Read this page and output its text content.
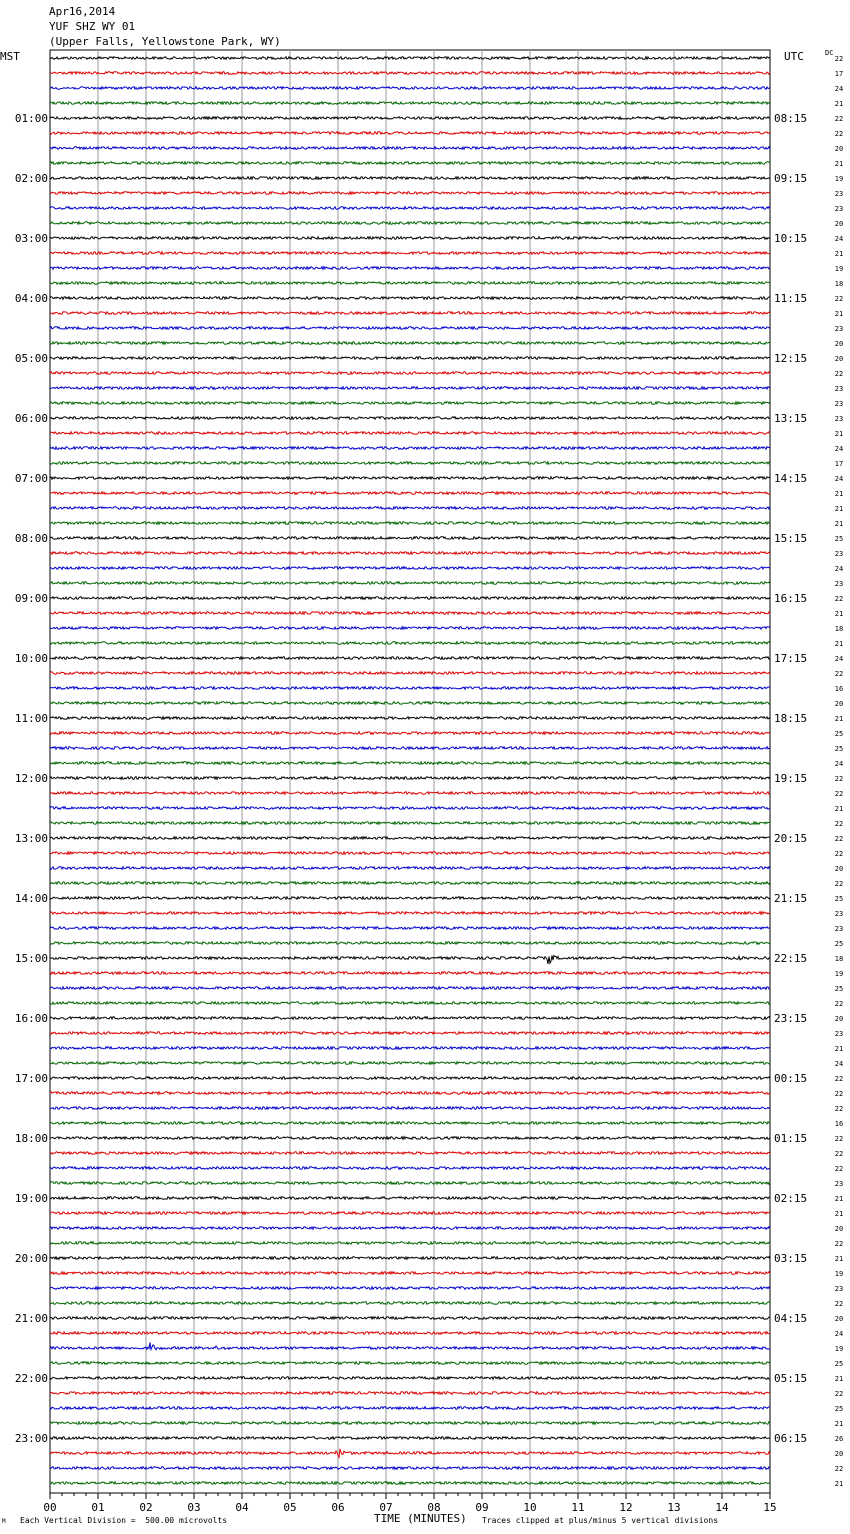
Apr16,2014
YUF SHZ WY 01
(Upper Falls, Yellowstone Park, WY)
MST	UTC	DC
00	01	02	03	04	05	06	07	08	09	10	11	12	13	14	15
22
17
24
21
22
22
20
21
19
23
23
20
24
21
19
18
22
21
23
20
20
22
23
23
23
21
24
17
24
21
21
21
25
23
24
23
22
21
18
21
24
22
16
20
21
25
25
24
22
22
21
22
22
22
20
22
25
23
23
25
18
19
25
22
20
23
21
24
22
22
22
16
22
22
22
23
21
21
20
22
21
19
23
22
20
24
19
25
21
22
25
21
26
20
22
21
01:00
02:00
03:00
04:00
05:00
06:00
07:00
08:00
09:00
10:00
11:00
12:00
13:00
14:00
15:00
16:00
17:00
18:00
19:00
20:00
21:00
22:00
23:00
08:15
09:15
10:15
11:15
12:15
13:15
14:15
15:15
16:15
17:15
18:15
19:15
20:15
21:15
22:15
23:15
00:15
01:15
02:15
03:15
04:15
05:15
06:15
M Each Vertical Division =  500.00 microvolts	TIME (MINUTES) Traces clipped at plus/minus 5 vertical divisions
